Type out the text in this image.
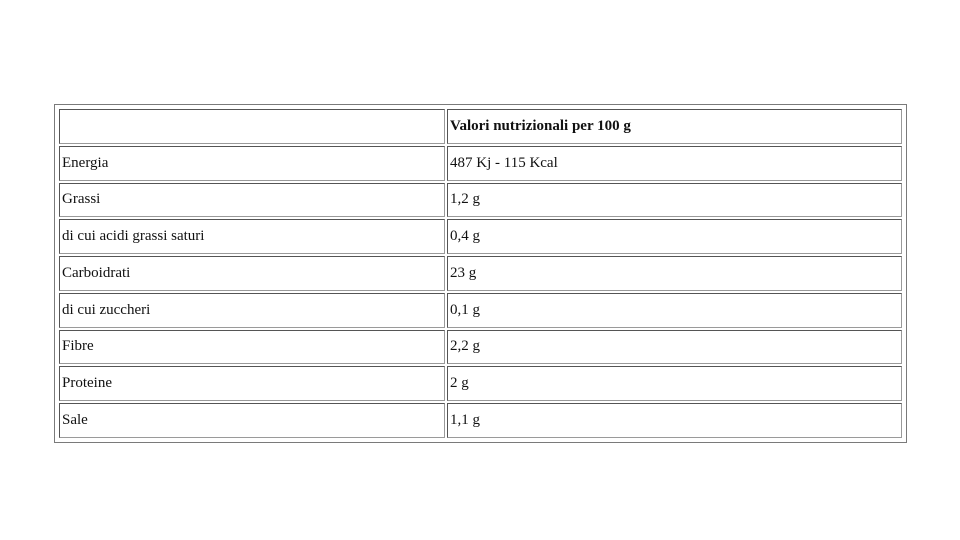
	Valori nutrizionali per 100 g
Energia	487 Kj - 115 Kcal
Grassi	1,2 g
di cui acidi grassi saturi	0,4 g
Carboidrati	23 g
di cui zuccheri	0,1 g
Fibre	2,2 g
Proteine	2 g
Sale	1,1 g
